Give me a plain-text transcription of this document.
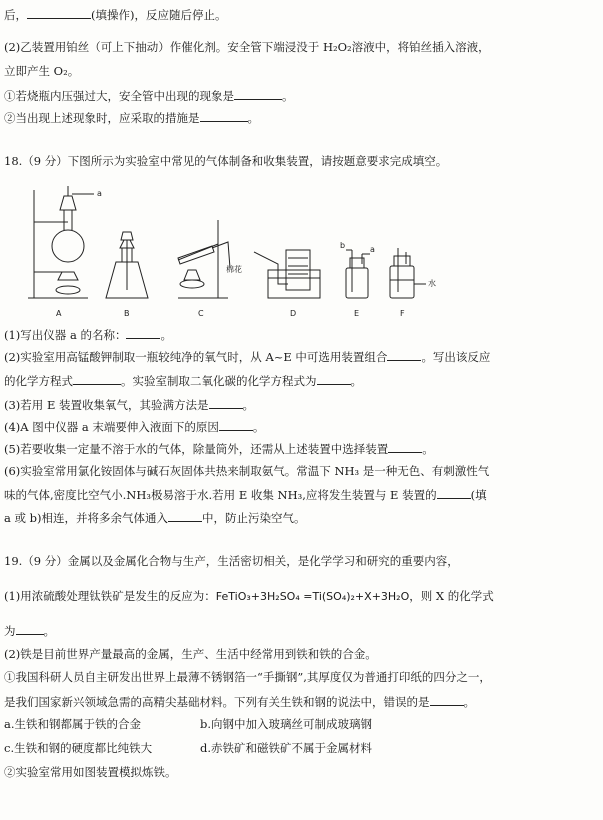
后，	(填操作)，反应随后停止。
(2)乙装置用铂丝（可上下抽动）作催化剂。安全管下端浸没于 H₂O₂溶液中，将铂丝插入溶液，
立即产生 O₂。
①若烧瓶内压强过大，安全管中出现的现象是	。
②当出现上述现象时，应采取的措施是	。
18.（9 分）下图所示为实验室中常见的气体制备和收集装置，请按题意要求完成填空。
a
A	B	C
棉花
D	E
b	a
F
水
(1)写出仪器 a 的名称：	。
(2)实验室用高锰酸钾制取一瓶较纯净的氧气时，从 A~E 中可选用装置组合	。写出该反应
的化学方程式	。实验室制取二氧化碳的化学方程式为	。
(3)若用 E 装置收集氧气，其验满方法是	。
(4)A 图中仪器 a 末端要伸入液面下的原因	。
(5)若要收集一定量不溶于水的气体，除量筒外，还需从上述装置中选择装置	。
(6)实验室常用氯化铵固体与碱石灰固体共热来制取氨气。常温下 NH₃ 是一种无色、有刺激性气
味的气体,密度比空气小.NH₃极易溶于水.若用 E 收集 NH₃,应将发生装置与 E 装置的	(填
a 或 b)相连，并将多余气体通入	中，防止污染空气。
19.（9 分）金属以及金属化合物与生产，生活密切相关，是化学学习和研究的重要内容，
(1)用浓硫酸处理钛铁矿是发生的反应为：FeTiO₃+3H₂SO₄ =Ti(SO₄)₂+X+3H₂O，则 X 的化学式
为 。
(2)铁是目前世界产量最高的金属，生产、生活中经常用到铁和铁的合金。
①我国科研人员自主研发出世界上最薄不锈钢箔一“手撕钢”,其厚度仅为普通打印纸的四分之一，
是我们国家新兴领域急需的高精尖基础材料。下列有关生铁和钢的说法中，错误的是	。
a.生铁和钢都属于铁的合金	b.向钢中加入玻璃丝可制成玻璃钢
c.生铁和钢的硬度都比纯铁大	d.赤铁矿和磁铁矿不属于金属材料
②实验室常用如图装置模拟炼铁。
